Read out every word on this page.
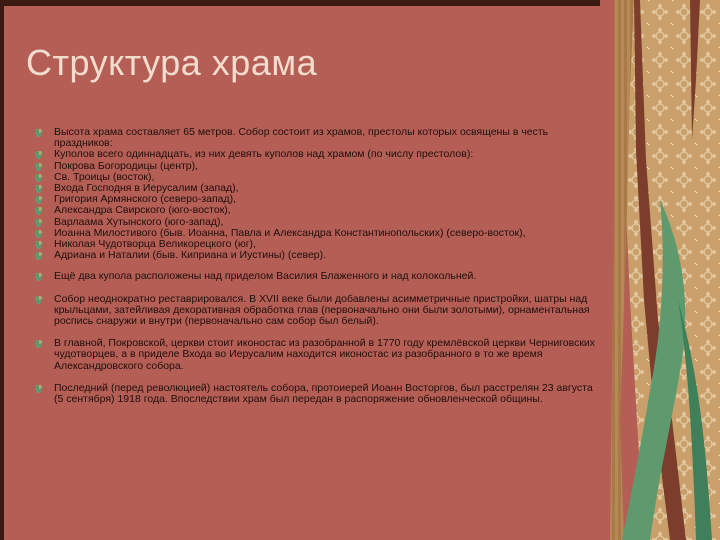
Структура храма
Высота храма составляет 65 метров. Собор состоит из храмов, престолы которых освящены в честь праздников:
Куполов всего одиннадцать, из них девять куполов над храмом (по числу престолов):
Покрова Богородицы (центр),
Св. Троицы (восток),
Входа Господня в Иерусалим (запад),
Григория Армянского (северо-запад),
Александра Свирского (юго-восток),
Варлаама Хутынского (юго-запад),
Иоанна Милостивого (быв. Иоанна, Павла и Александра Константинопольских) (северо-восток),
Николая Чудотворца Великорецкого (юг),
Адриана и Наталии (быв. Киприана и Иустины) (север).
Ещё два купола расположены над приделом Василия Блаженного и над колокольней.
Собор неоднократно реставрировался. В XVII веке были добавлены асимметричные пристройки, шатры над крыльцами, затейливая декоративная обработка глав (первоначально они были золотыми), орнаментальная роспись снаружи и внутри (первоначально сам собор был белый).
В главной, Покровской, церкви стоит иконостас из разобранной в 1770 году кремлёвской церкви Черниговских чудотворцев, а в приделе Входа во Иерусалим находится иконостас из разобранного в то же время Александровского собора.
Последний (перед революцией) настоятель собора, протоиерей Иоанн Восторгов, был расстрелян 23 августа (5 сентября) 1918 года. Впоследствии храм был передан в распоряжение обновленческой общины.
